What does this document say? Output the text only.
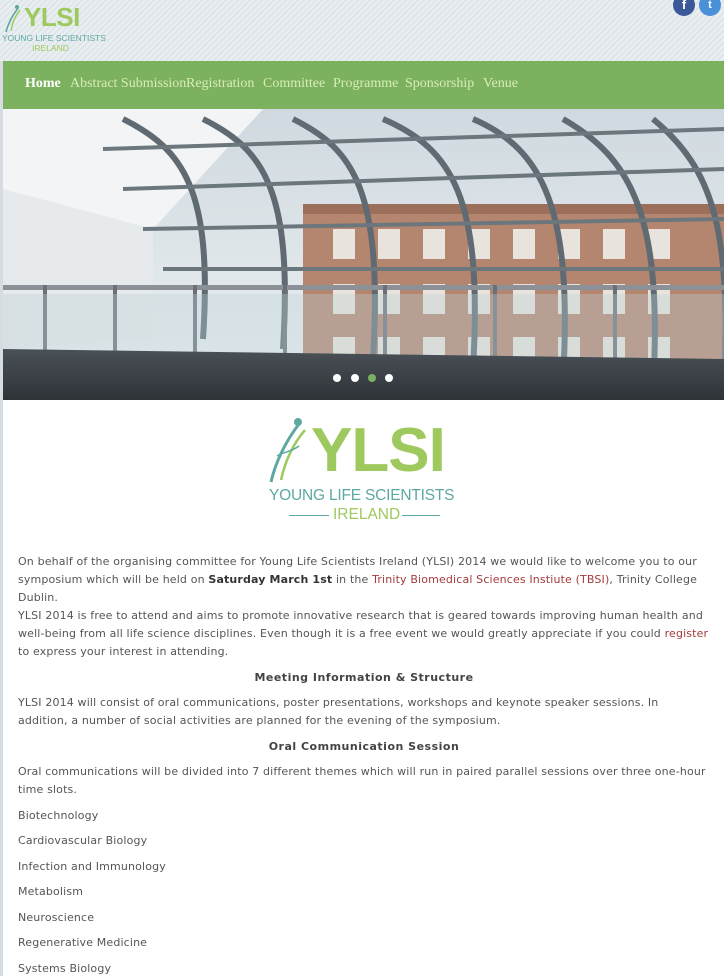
YLSI
YOUNG LIFE SCIENTISTS
IRELAND
f	t
Home Abstract Submission Registration Committee Programme Sponsorship Venue
YLSI
YOUNG LIFE SCIENTISTS
IRELAND
On behalf of the organising committee for Young Life Scientists Ireland (YLSI) 2014 we would like to welcome you to our symposium which will be held on Saturday March 1st in the Trinity Biomedical Sciences Instiute (TBSI), Trinity College Dublin.
YLSI 2014 is free to attend and aims to promote innovative research that is geared towards improving human health and well-being from all life science disciplines. Even though it is a free event we would greatly appreciate if you could register to express your interest in attending.
Meeting Information & Structure
YLSI 2014 will consist of oral communications, poster presentations, workshops and keynote speaker sessions. In addition, a number of social activities are planned for the evening of the symposium.
Oral Communication Session
Oral communications will be divided into 7 different themes which will run in paired parallel sessions over three one-hour time slots.
Biotechnology
Cardiovascular Biology
Infection and Immunology
Metabolism
Neuroscience
Regenerative Medicine
Systems Biology
